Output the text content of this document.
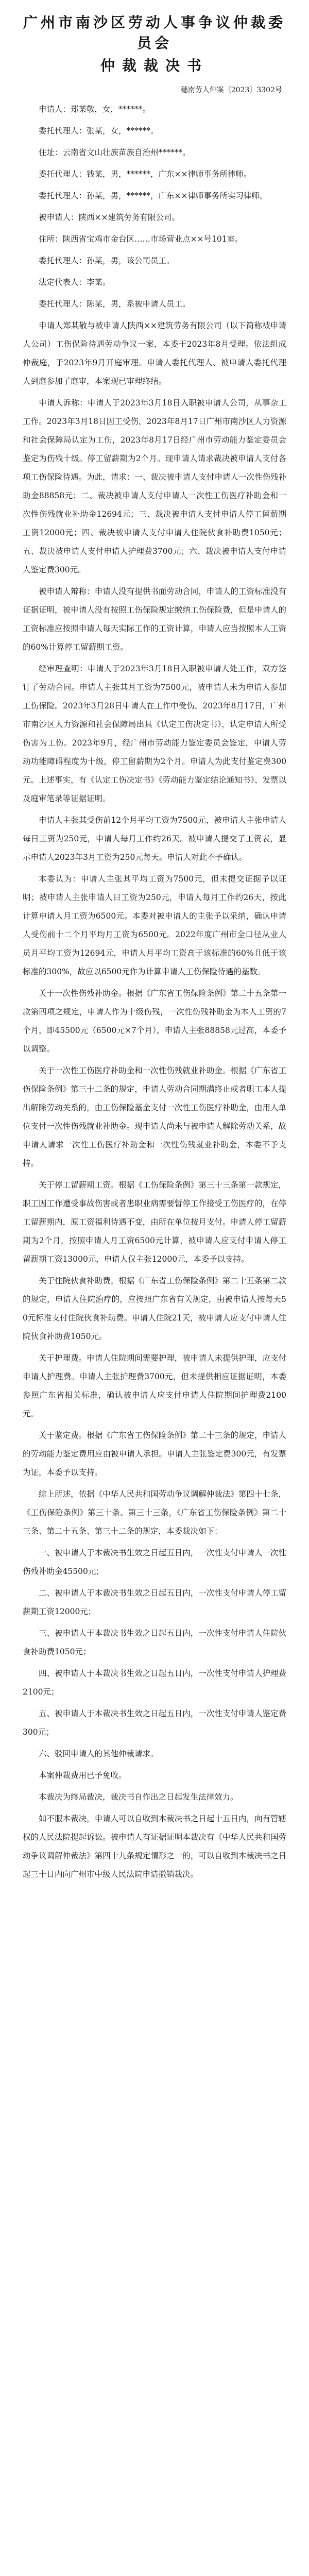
广州市南沙区劳动人事争议仲裁委员会
仲裁裁决书
穗南劳人仲案〔2023〕3302号

申请人：郑某敬，女，******。

委托代理人：张某，女，******。

住址：云南省文山壮族苗族自治州******。

委托代理人：钱某，男，******，广东××律师事务所律师。

委托代理人：孙某，男，******，广东××律师事务所实习律师。

被申请人：陕西××建筑劳务有限公司。

住所：陕西省宝鸡市金台区……市场营业点××号101室。

委托代理人：孙某，男，该公司员工。

法定代表人：李某。

委托代理人：陈某，男，系被申请人员工。

申请人郑某敬与被申请人陕西××建筑劳务有限公司（以下简称被申请人公司）工伤保险待遇劳动争议一案，本委于2023年8月受理。依法组成仲裁庭，于2023年9月开庭审理。申请人委托代理人、被申请人委托代理人到庭参加了庭审，本案现已审理终结。

申请人诉称：申请人于2023年3月18日入职被申请人公司，从事杂工工作。2023年3月18日因工受伤，2023年8月17日广州市南沙区人力资源和社会保障局认定为工伤，2023年8月17日经广州市劳动能力鉴定委员会鉴定为伤残十级。停工留薪期为2个月。现申请人请求裁决被申请人支付各项工伤保险待遇。为此，请求：一、裁决被申请人支付申请人一次性伤残补助金88858元；二、裁决被申请人支付申请人一次性工伤医疗补助金和一次性伤残就业补助金12694元；三、裁决被申请人支付申请人停工留薪期工资12000元；四、裁决被申请人支付申请人住院伙食补助费1050元；五、裁决被申请人支付申请人护理费3700元；六、裁决被申请人支付申请人鉴定费300元。

被申请人辩称：申请人没有提供书面劳动合同，申请人的工资标准没有证据证明，被申请人没有按照工伤保险规定缴纳工伤保险费，但是申请人的工资标准应按照申请人每天实际工作的工资计算，申请人应当按照本人工资的60%计算停工留薪期工资。

经审理查明：申请人于2023年3月18日入职被申请人处工作，双方签订了劳动合同。申请人主张其月工资为7500元，被申请人未为申请人参加工伤保险。2023年3月28日申请人在工作中受伤。2023年8月17日，广州市南沙区人力资源和社会保障局出具《认定工伤决定书》，认定申请人所受伤害为工伤。2023年9月，经广州市劳动能力鉴定委员会鉴定，申请人劳动功能障碍程度为十级，停工留薪期为2个月。申请人为此支付鉴定费300元。上述事实，有《认定工伤决定书》《劳动能力鉴定结论通知书》、发票以及庭审笔录等证据证明。

申请人主张其受伤前12个月平均工资为7500元，被申请人主张申请人每日工资为250元，申请人每月工作约26天。被申请人提交了工资表，显示申请人2023年3月工资为250元每天。申请人对此不予确认。

本委认为：申请人主张其平均工资为7500元，但未提交证据予以证明；被申请人主张申请人日工资为250元，申请人每月工作约26天，按此计算申请人月工资为6500元。本委对被申请人的主张予以采纳，确认申请人受伤前十二个月平均月工资为6500元。2022年度广州市全口径从业人员月平均工资为12694元，申请人月平均工资高于该标准的60%且低于该标准的300%，故应以6500元作为计算申请人工伤保险待遇的基数。

关于一次性伤残补助金。根据《广东省工伤保险条例》第二十五条第一款第四项之规定，申请人作为十级伤残，一次性伤残补助金为本人工资的7个月，即45500元（6500元×7个月），申请人主张88858元过高，本委予以调整。

关于一次性工伤医疗补助金和一次性伤残就业补助金。根据《广东省工伤保险条例》第三十二条的规定，申请人劳动合同期满终止或者职工本人提出解除劳动关系的，由工伤保险基金支付一次性工伤医疗补助金，由用人单位支付一次性伤残就业补助金。现申请人尚未与被申请人解除劳动关系，故申请人请求一次性工伤医疗补助金和一次性伤残就业补助金，本委不予支持。

关于停工留薪期工资。根据《工伤保险条例》第三十三条第一款规定，职工因工作遭受事故伤害或者患职业病需要暂停工作接受工伤医疗的，在停工留薪期内，原工资福利待遇不变，由所在单位按月支付。申请人停工留薪期为2个月，按照申请人月工资6500元计算，被申请人应支付申请人停工留薪期工资13000元，申请人仅主张12000元，本委予以支持。

关于住院伙食补助费。根据《广东省工伤保险条例》第二十五条第二款的规定，申请人住院治疗的，应按照广东省有关规定，由被申请人按每天50元标准支付住院伙食补助费。申请人住院21天，被申请人应支付申请人住院伙食补助费1050元。

关于护理费。申请人住院期间需要护理，被申请人未提供护理，应支付申请人护理费。申请人主张护理费3700元，但未提供相应证据证明，本委参照广东省相关标准，确认被申请人应支付申请人住院期间护理费2100元。

关于鉴定费。根据《广东省工伤保险条例》第二十三条的规定，申请人的劳动能力鉴定费用应由被申请人承担。申请人主张鉴定费300元，有发票为证，本委予以支持。

综上所述，依据《中华人民共和国劳动争议调解仲裁法》第四十七条，《工伤保险条例》第三十条、第三十三条，《广东省工伤保险条例》第二十三条、第二十五条、第三十二条的规定，本委裁决如下：

一、被申请人于本裁决书生效之日起五日内，一次性支付申请人一次性伤残补助金45500元；

二、被申请人于本裁决书生效之日起五日内，一次性支付申请人停工留薪期工资12000元；

三、被申请人于本裁决书生效之日起五日内，一次性支付申请人住院伙食补助费1050元；

四、被申请人于本裁决书生效之日起五日内，一次性支付申请人护理费2100元；

五、被申请人于本裁决书生效之日起五日内，一次性支付申请人鉴定费300元；

六、驳回申请人的其他仲裁请求。

本案仲裁费用已予免收。

本裁决为终局裁决，裁决书自作出之日起发生法律效力。

如不服本裁决，申请人可以自收到本裁决书之日起十五日内，向有管辖权的人民法院提起诉讼。被申请人有证据证明本裁决有《中华人民共和国劳动争议调解仲裁法》第四十九条规定情形之一的，可以自收到本裁决书之日起三十日内向广州市中级人民法院申请撤销裁决。
